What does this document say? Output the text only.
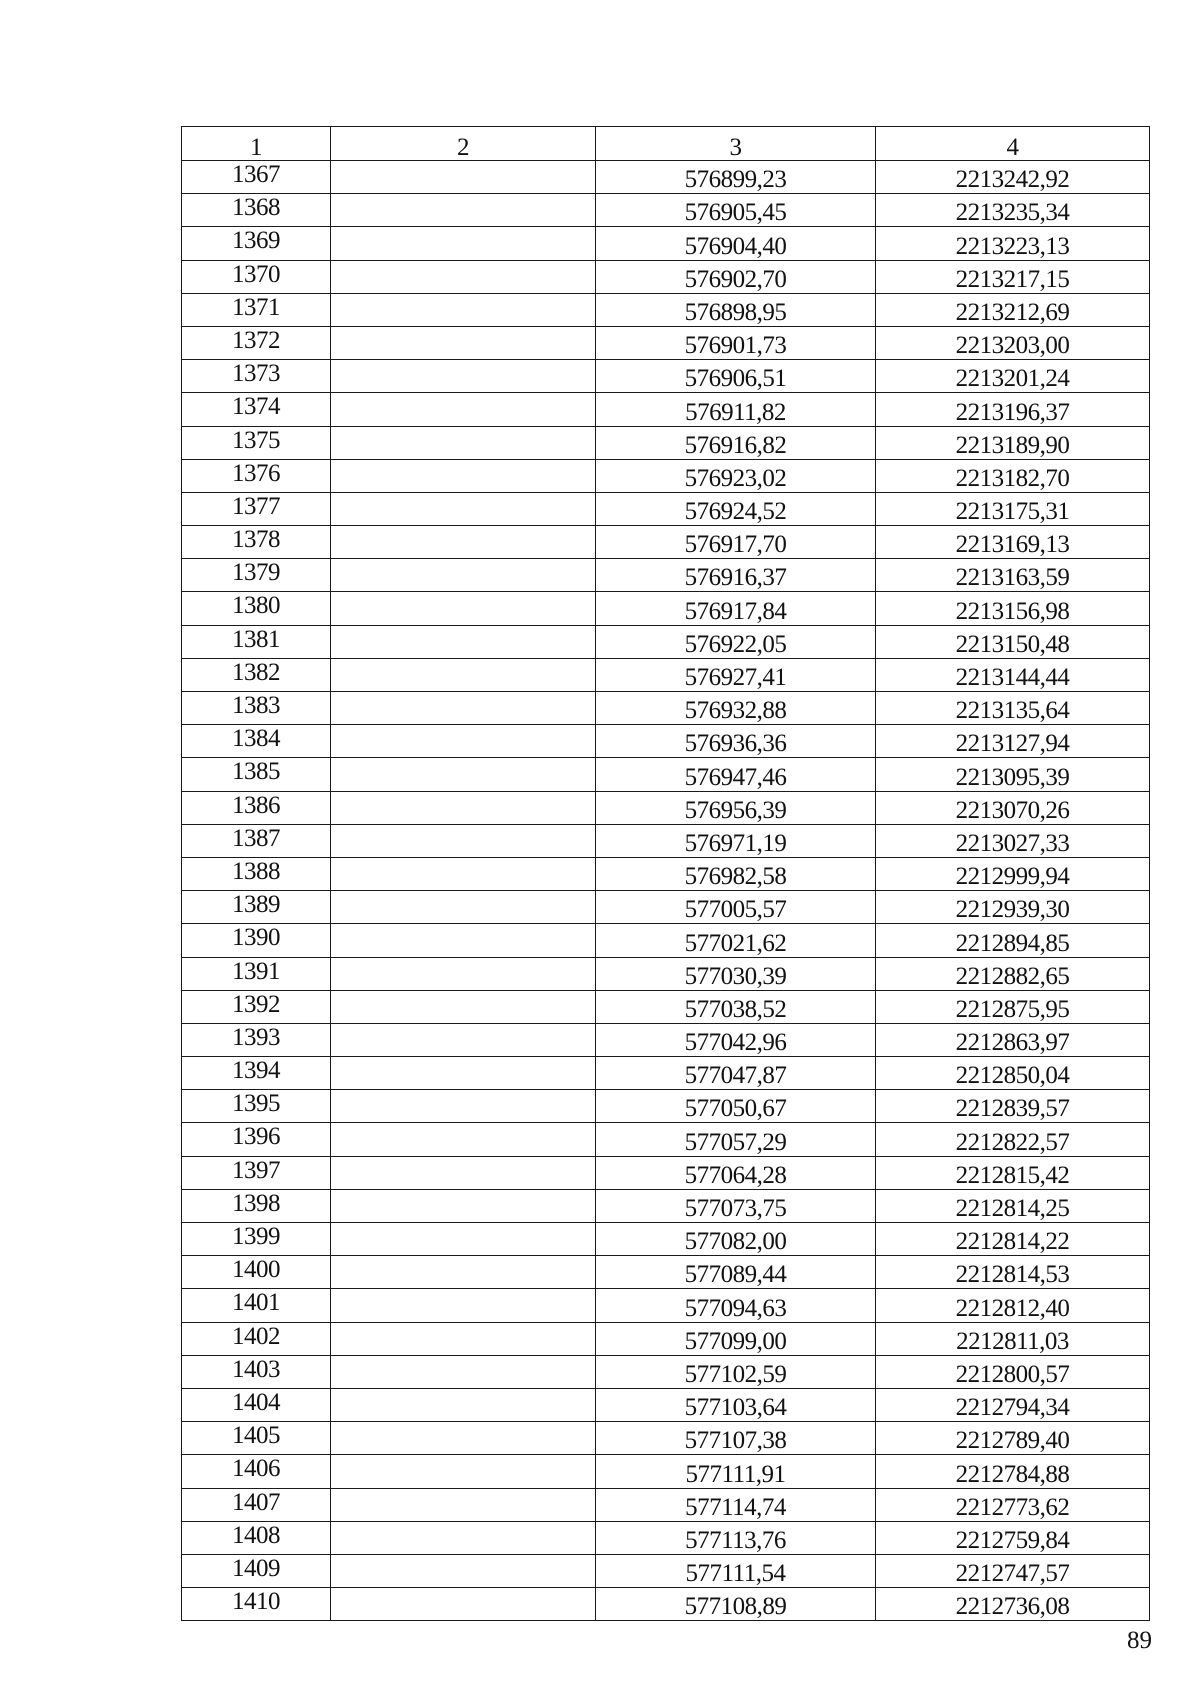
1	2	3	4
1367		576899,23	2213242,92
1368		576905,45	2213235,34
1369		576904,40	2213223,13
1370		576902,70	2213217,15
1371		576898,95	2213212,69
1372		576901,73	2213203,00
1373		576906,51	2213201,24
1374		576911,82	2213196,37
1375		576916,82	2213189,90
1376		576923,02	2213182,70
1377		576924,52	2213175,31
1378		576917,70	2213169,13
1379		576916,37	2213163,59
1380		576917,84	2213156,98
1381		576922,05	2213150,48
1382		576927,41	2213144,44
1383		576932,88	2213135,64
1384		576936,36	2213127,94
1385		576947,46	2213095,39
1386		576956,39	2213070,26
1387		576971,19	2213027,33
1388		576982,58	2212999,94
1389		577005,57	2212939,30
1390		577021,62	2212894,85
1391		577030,39	2212882,65
1392		577038,52	2212875,95
1393		577042,96	2212863,97
1394		577047,87	2212850,04
1395		577050,67	2212839,57
1396		577057,29	2212822,57
1397		577064,28	2212815,42
1398		577073,75	2212814,25
1399		577082,00	2212814,22
1400		577089,44	2212814,53
1401		577094,63	2212812,40
1402		577099,00	2212811,03
1403		577102,59	2212800,57
1404		577103,64	2212794,34
1405		577107,38	2212789,40
1406		577111,91	2212784,88
1407		577114,74	2212773,62
1408		577113,76	2212759,84
1409		577111,54	2212747,57
1410		577108,89	2212736,08
89
